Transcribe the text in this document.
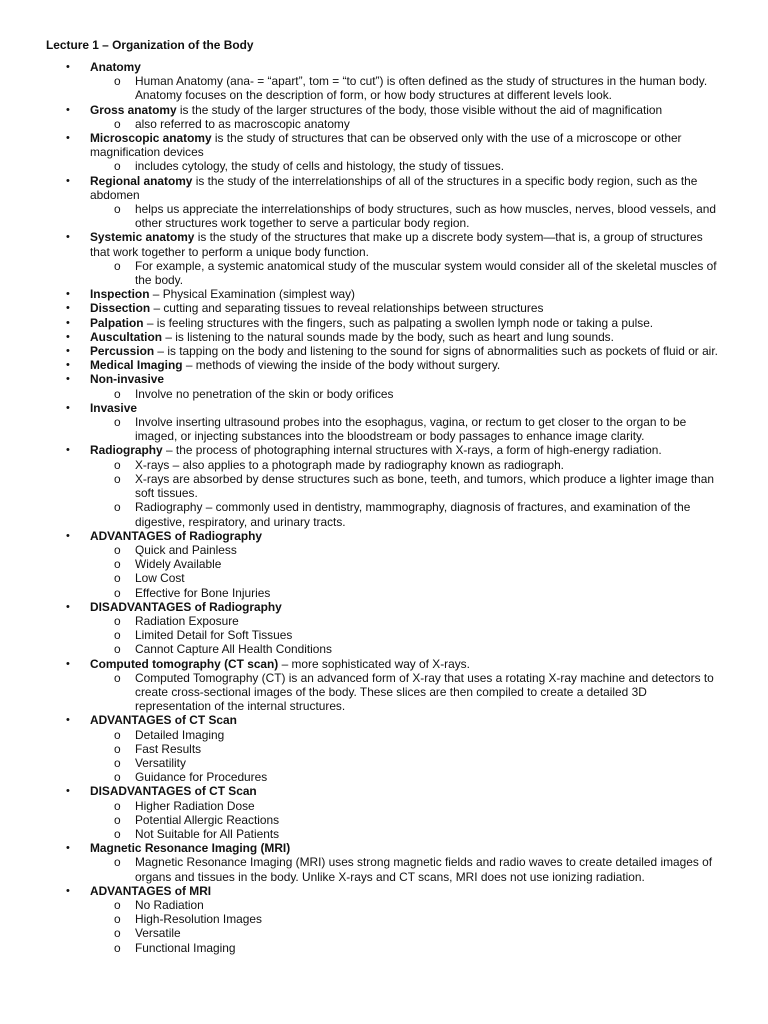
Lecture 1 – Organization of the Body
• Anatomy
o Human Anatomy (ana- = “apart”, tom = “to cut”) is often defined as the study of structures in the human body. Anatomy focuses on the description of form, or how body structures at different levels look.
• Gross anatomy is the study of the larger structures of the body, those visible without the aid of magnification
o also referred to as macroscopic anatomy
• Microscopic anatomy is the study of structures that can be observed only with the use of a microscope or other magnification devices
o includes cytology, the study of cells and histology, the study of tissues.
• Regional anatomy is the study of the interrelationships of all of the structures in a specific body region, such as the abdomen
o helps us appreciate the interrelationships of body structures, such as how muscles, nerves, blood vessels, and other structures work together to serve a particular body region.
• Systemic anatomy is the study of the structures that make up a discrete body system—that is, a group of structures that work together to perform a unique body function.
o For example, a systemic anatomical study of the muscular system would consider all of the skeletal muscles of the body.
• Inspection – Physical Examination (simplest way)
• Dissection – cutting and separating tissues to reveal relationships between structures
• Palpation – is feeling structures with the fingers, such as palpating a swollen lymph node or taking a pulse.
• Auscultation – is listening to the natural sounds made by the body, such as heart and lung sounds.
• Percussion – is tapping on the body and listening to the sound for signs of abnormalities such as pockets of fluid or air.
• Medical Imaging – methods of viewing the inside of the body without surgery.
• Non-invasive
o Involve no penetration of the skin or body orifices
• Invasive
o Involve inserting ultrasound probes into the esophagus, vagina, or rectum to get closer to the organ to be imaged, or injecting substances into the bloodstream or body passages to enhance image clarity.
• Radiography – the process of photographing internal structures with X-rays, a form of high-energy radiation.
o X-rays – also applies to a photograph made by radiography known as radiograph.
o X-rays are absorbed by dense structures such as bone, teeth, and tumors, which produce a lighter image than soft tissues.
o Radiography – commonly used in dentistry, mammography, diagnosis of fractures, and examination of the digestive, respiratory, and urinary tracts.
• ADVANTAGES of Radiography
o Quick and Painless
o Widely Available
o Low Cost
o Effective for Bone Injuries
• DISADVANTAGES of Radiography
o Radiation Exposure
o Limited Detail for Soft Tissues
o Cannot Capture All Health Conditions
• Computed tomography (CT scan) – more sophisticated way of X-rays.
o Computed Tomography (CT) is an advanced form of X-ray that uses a rotating X-ray machine and detectors to create cross-sectional images of the body. These slices are then compiled to create a detailed 3D representation of the internal structures.
• ADVANTAGES of CT Scan
o Detailed Imaging
o Fast Results
o Versatility
o Guidance for Procedures
• DISADVANTAGES of CT Scan
o Higher Radiation Dose
o Potential Allergic Reactions
o Not Suitable for All Patients
• Magnetic Resonance Imaging (MRI)
o Magnetic Resonance Imaging (MRI) uses strong magnetic fields and radio waves to create detailed images of organs and tissues in the body. Unlike X-rays and CT scans, MRI does not use ionizing radiation.
• ADVANTAGES of MRI
o No Radiation
o High-Resolution Images
o Versatile
o Functional Imaging
